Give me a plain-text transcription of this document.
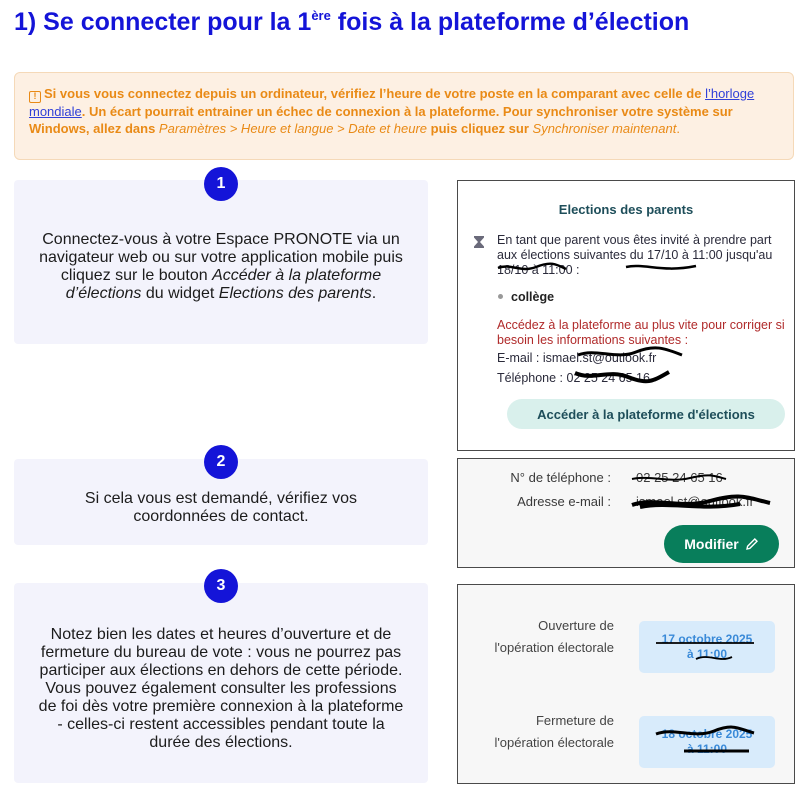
1) Se connecter pour la 1ère fois à la plateforme d’élection
! Si vous vous connectez depuis un ordinateur, vérifiez l’heure de votre poste en la comparant avec celle de l’horloge mondiale. Un écart pourrait entrainer un échec de connexion à la plateforme. Pour synchroniser votre système sur Windows, allez dans Paramètres > Heure et langue > Date et heure puis cliquez sur Synchroniser maintenant.
Connectez-vous à votre Espace PRONOTE via un navigateur web ou sur votre application mobile puis cliquez sur le bouton Accéder à la plateforme d’élections du widget Elections des parents.
1
Si cela vous est demandé, vérifiez vos coordonnées de contact.
2
Notez bien les dates et heures d’ouverture et de fermeture du bureau de vote : vous ne pourrez pas participer aux élections en dehors de cette période. Vous pouvez également consulter les professions de foi dès votre première connexion à la plateforme - celles-ci restent accessibles pendant toute la durée des élections.
3
Elections des parents
En tant que parent vous êtes invité à prendre part aux élections suivantes du 17/10 à 11:00 jusqu'au 18/10 à 11:00 :
collège
Accédez à la plateforme au plus vite pour corriger si besoin les informations suivantes :
E-mail : ismael.st@outlook.fr
Téléphone : 02 25 24 65 16
Accéder à la plateforme d'élections
N° de téléphone : 02 25 24 65 16
Adresse e-mail : ismael.st@outlook.fr
Modifier
Ouverture de
l'opération électorale
17 octobre 2025
à 11:00
Fermeture de
l'opération électorale
18 octobre 2025
à 11:00
